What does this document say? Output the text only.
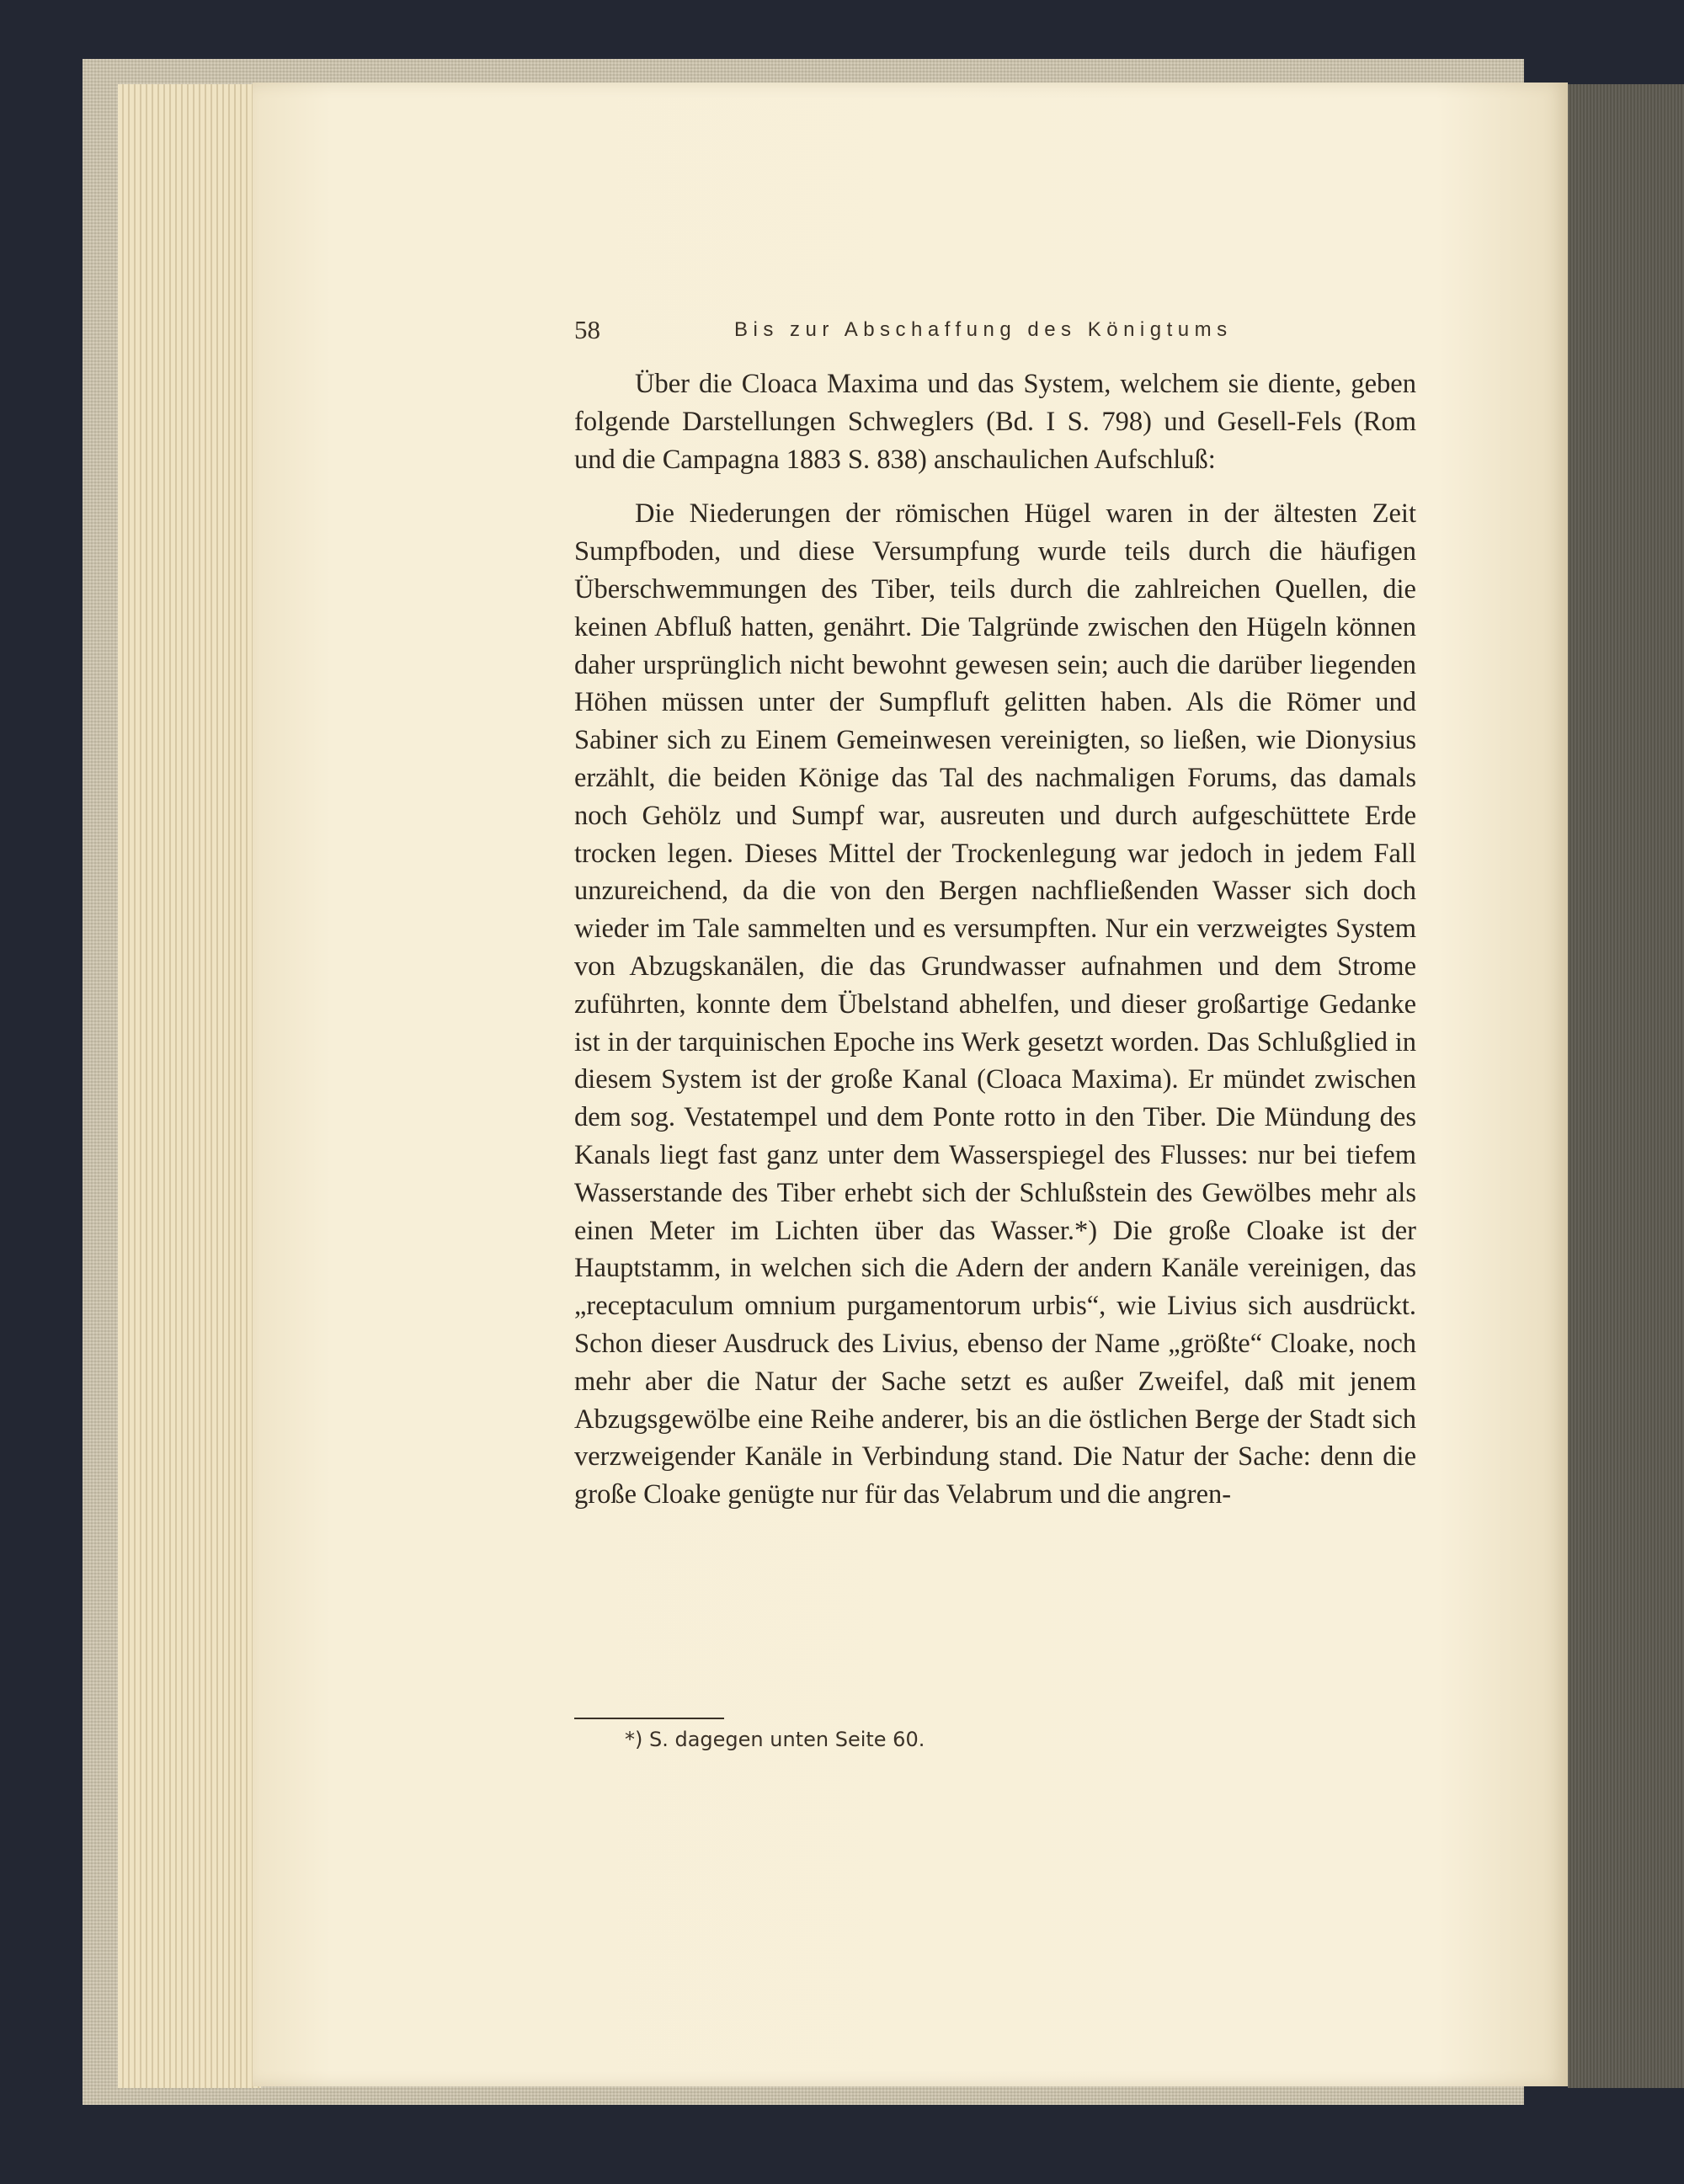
58	Bis zur Abschaffung des Königtums

Über die Cloaca Maxima und das System, welchem sie diente, geben folgende Darstellungen Schweglers (Bd. I S. 798) und Gesell-Fels (Rom und die Campagna 1883 S. 838) anschaulichen Aufschluß:

Die Niederungen der römischen Hügel waren in der ältesten Zeit Sumpfboden, und diese Versumpfung wurde teils durch die häufigen Überschwemmungen des Tiber, teils durch die zahlreichen Quellen, die keinen Abfluß hatten, genährt. Die Talgründe zwischen den Hügeln können daher ursprünglich nicht bewohnt gewesen sein; auch die darüber liegenden Höhen müssen unter der Sumpfluft gelitten haben. Als die Römer und Sabiner sich zu Einem Gemeinwesen vereinigten, so ließen, wie Dionysius erzählt, die beiden Könige das Tal des nachmaligen Forums, das damals noch Gehölz und Sumpf war, ausreuten und durch aufgeschüttete Erde trocken legen. Dieses Mittel der Trockenlegung war jedoch in jedem Fall unzureichend, da die von den Bergen nachfließenden Wasser sich doch wieder im Tale sammelten und es versumpften. Nur ein verzweigtes System von Abzugskanälen, die das Grundwasser aufnahmen und dem Strome zuführten, konnte dem Übelstand abhelfen, und dieser großartige Gedanke ist in der tarquinischen Epoche ins Werk gesetzt worden. Das Schlußglied in diesem System ist der große Kanal (Cloaca Maxima). Er mündet zwischen dem sog. Vestatempel und dem Ponte rotto in den Tiber. Die Mündung des Kanals liegt fast ganz unter dem Wasserspiegel des Flusses: nur bei tiefem Wasserstande des Tiber erhebt sich der Schlußstein des Gewölbes mehr als einen Meter im Lichten über das Wasser.*) Die große Cloake ist der Hauptstamm, in welchen sich die Adern der andern Kanäle vereinigen, das „receptaculum omnium purgamentorum urbis“, wie Livius sich ausdrückt. Schon dieser Ausdruck des Livius, ebenso der Name „größte“ Cloake, noch mehr aber die Natur der Sache setzt es außer Zweifel, daß mit jenem Abzugsgewölbe eine Reihe anderer, bis an die östlichen Berge der Stadt sich verzweigender Kanäle in Verbindung stand. Die Natur der Sache: denn die große Cloake genügte nur für das Velabrum und die angren-

*) S. dagegen unten Seite 60.
